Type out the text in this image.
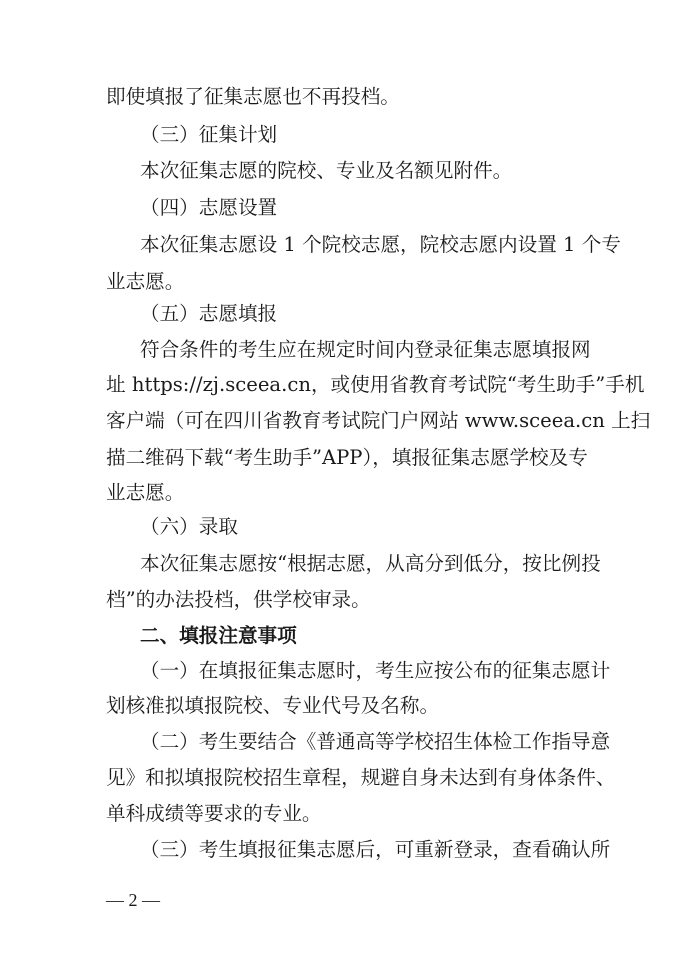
即使填报了征集志愿也不再投档。
（三）征集计划
本次征集志愿的院校、专业及名额见附件。
（四）志愿设置
本次征集志愿设 1 个院校志愿，院校志愿内设置 1 个专
业志愿。
（五）志愿填报
符合条件的考生应在规定时间内登录征集志愿填报网
址 https://zj.sceea.cn，或使用省教育考试院“考生助手”手机
客户端（可在四川省教育考试院门户网站 www.sceea.cn 上扫
描二维码下载“考生助手”APP），填报征集志愿学校及专
业志愿。
（六）录取
本次征集志愿按“根据志愿，从高分到低分，按比例投
档”的办法投档，供学校审录。
二、填报注意事项
（一）在填报征集志愿时，考生应按公布的征集志愿计
划核准拟填报院校、专业代号及名称。
（二）考生要结合《普通高等学校招生体检工作指导意
见》和拟填报院校招生章程，规避自身未达到有身体条件、
单科成绩等要求的专业。
（三）考生填报征集志愿后，可重新登录，查看确认所
— 2 —
